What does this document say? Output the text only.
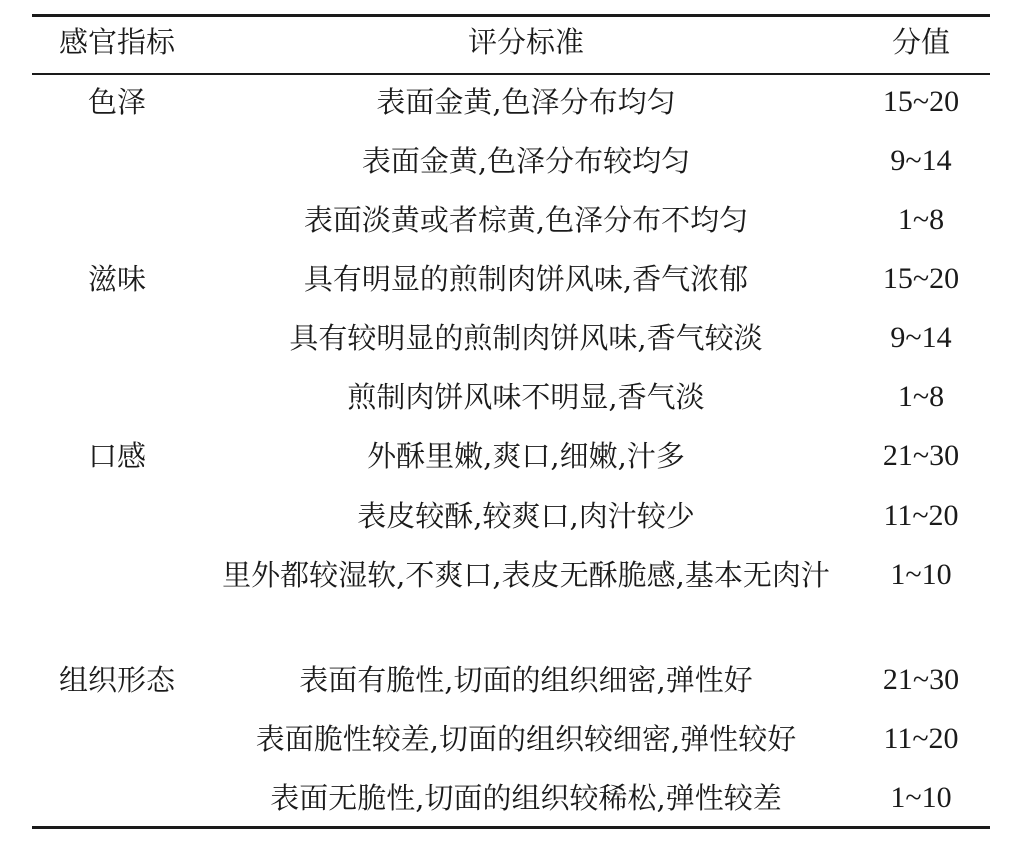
感官指标	评分标准	分值
色泽	表面金黄,色泽分布均匀	15~20
表面金黄,色泽分布较均匀	9~14
表面淡黄或者棕黄,色泽分布不均匀	1~8
滋味	具有明显的煎制肉饼风味,香气浓郁	15~20
具有较明显的煎制肉饼风味,香气较淡	9~14
煎制肉饼风味不明显,香气淡	1~8
口感	外酥里嫩,爽口,细嫩,汁多	21~30
表皮较酥,较爽口,肉汁较少	11~20
里外都较湿软,不爽口,表皮无酥脆感,基本无肉汁	1~10
组织形态	表面有脆性,切面的组织细密,弹性好	21~30
表面脆性较差,切面的组织较细密,弹性较好	11~20
表面无脆性,切面的组织较稀松,弹性较差	1~10
